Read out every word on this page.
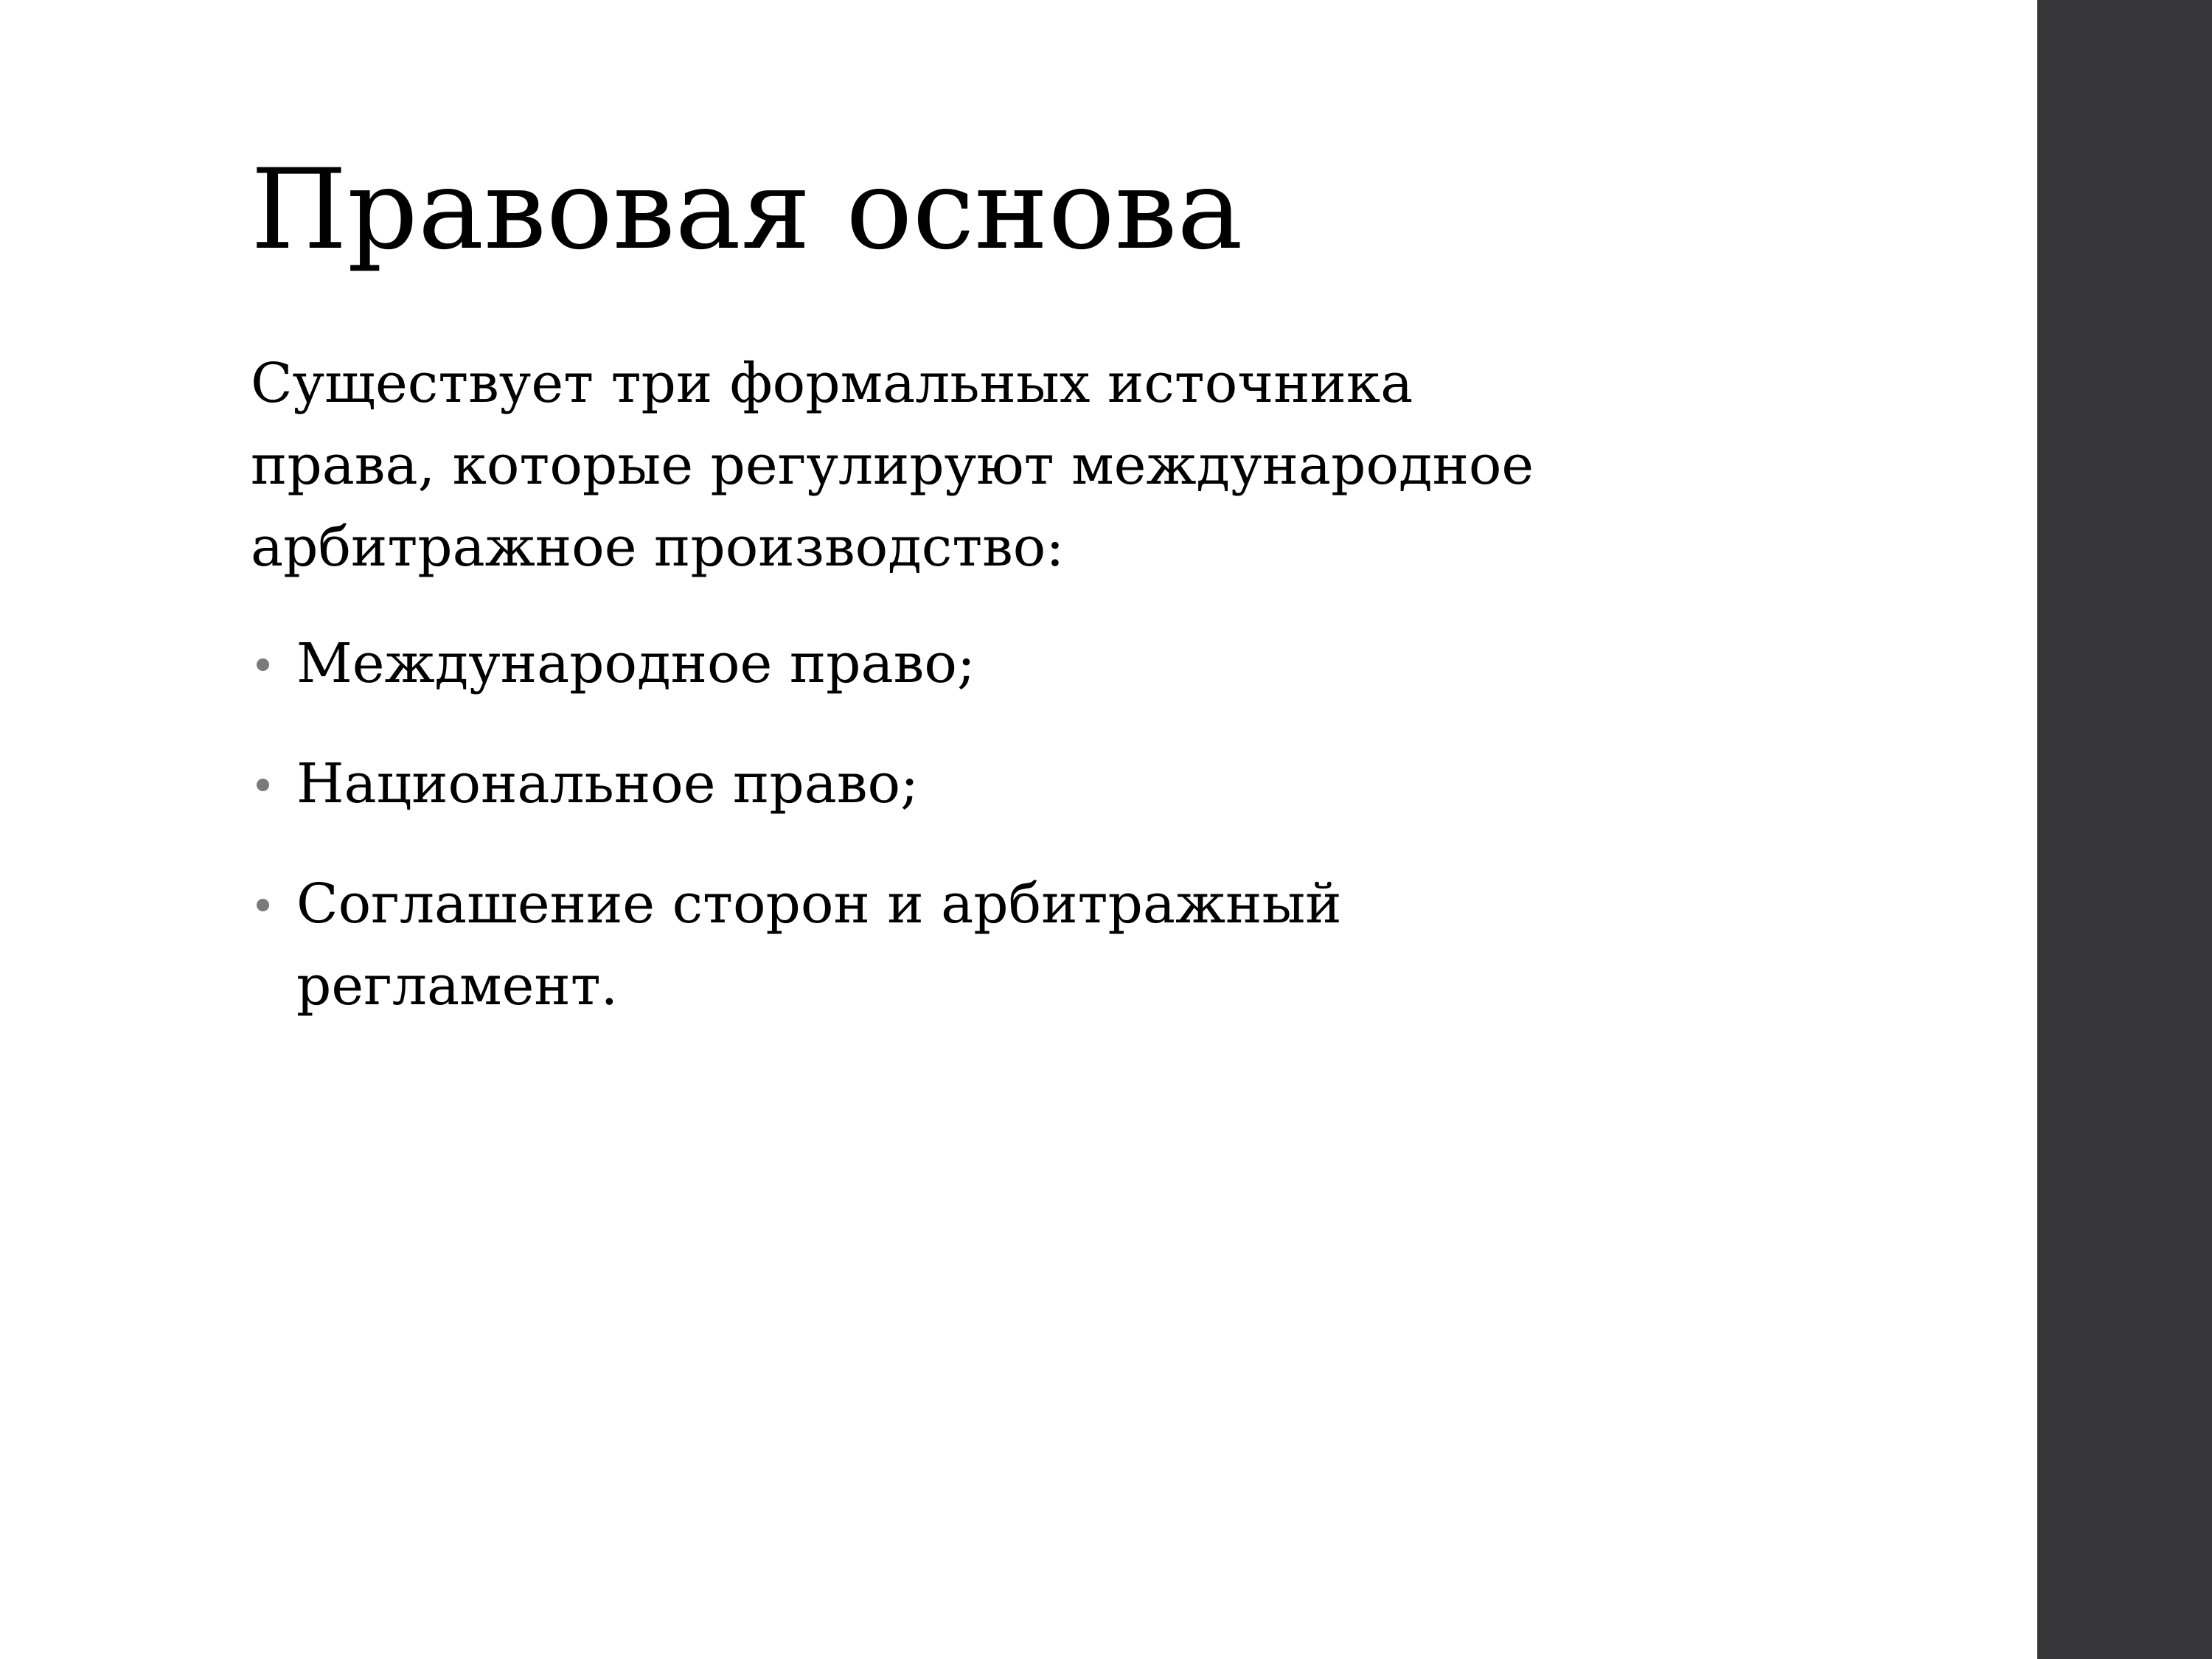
Правовая основа

Существует три формальных источника
права, которые регулируют международное
арбитражное производство:

Международное право;
Национальное право;
Соглашение сторон и арбитражный
регламент.
